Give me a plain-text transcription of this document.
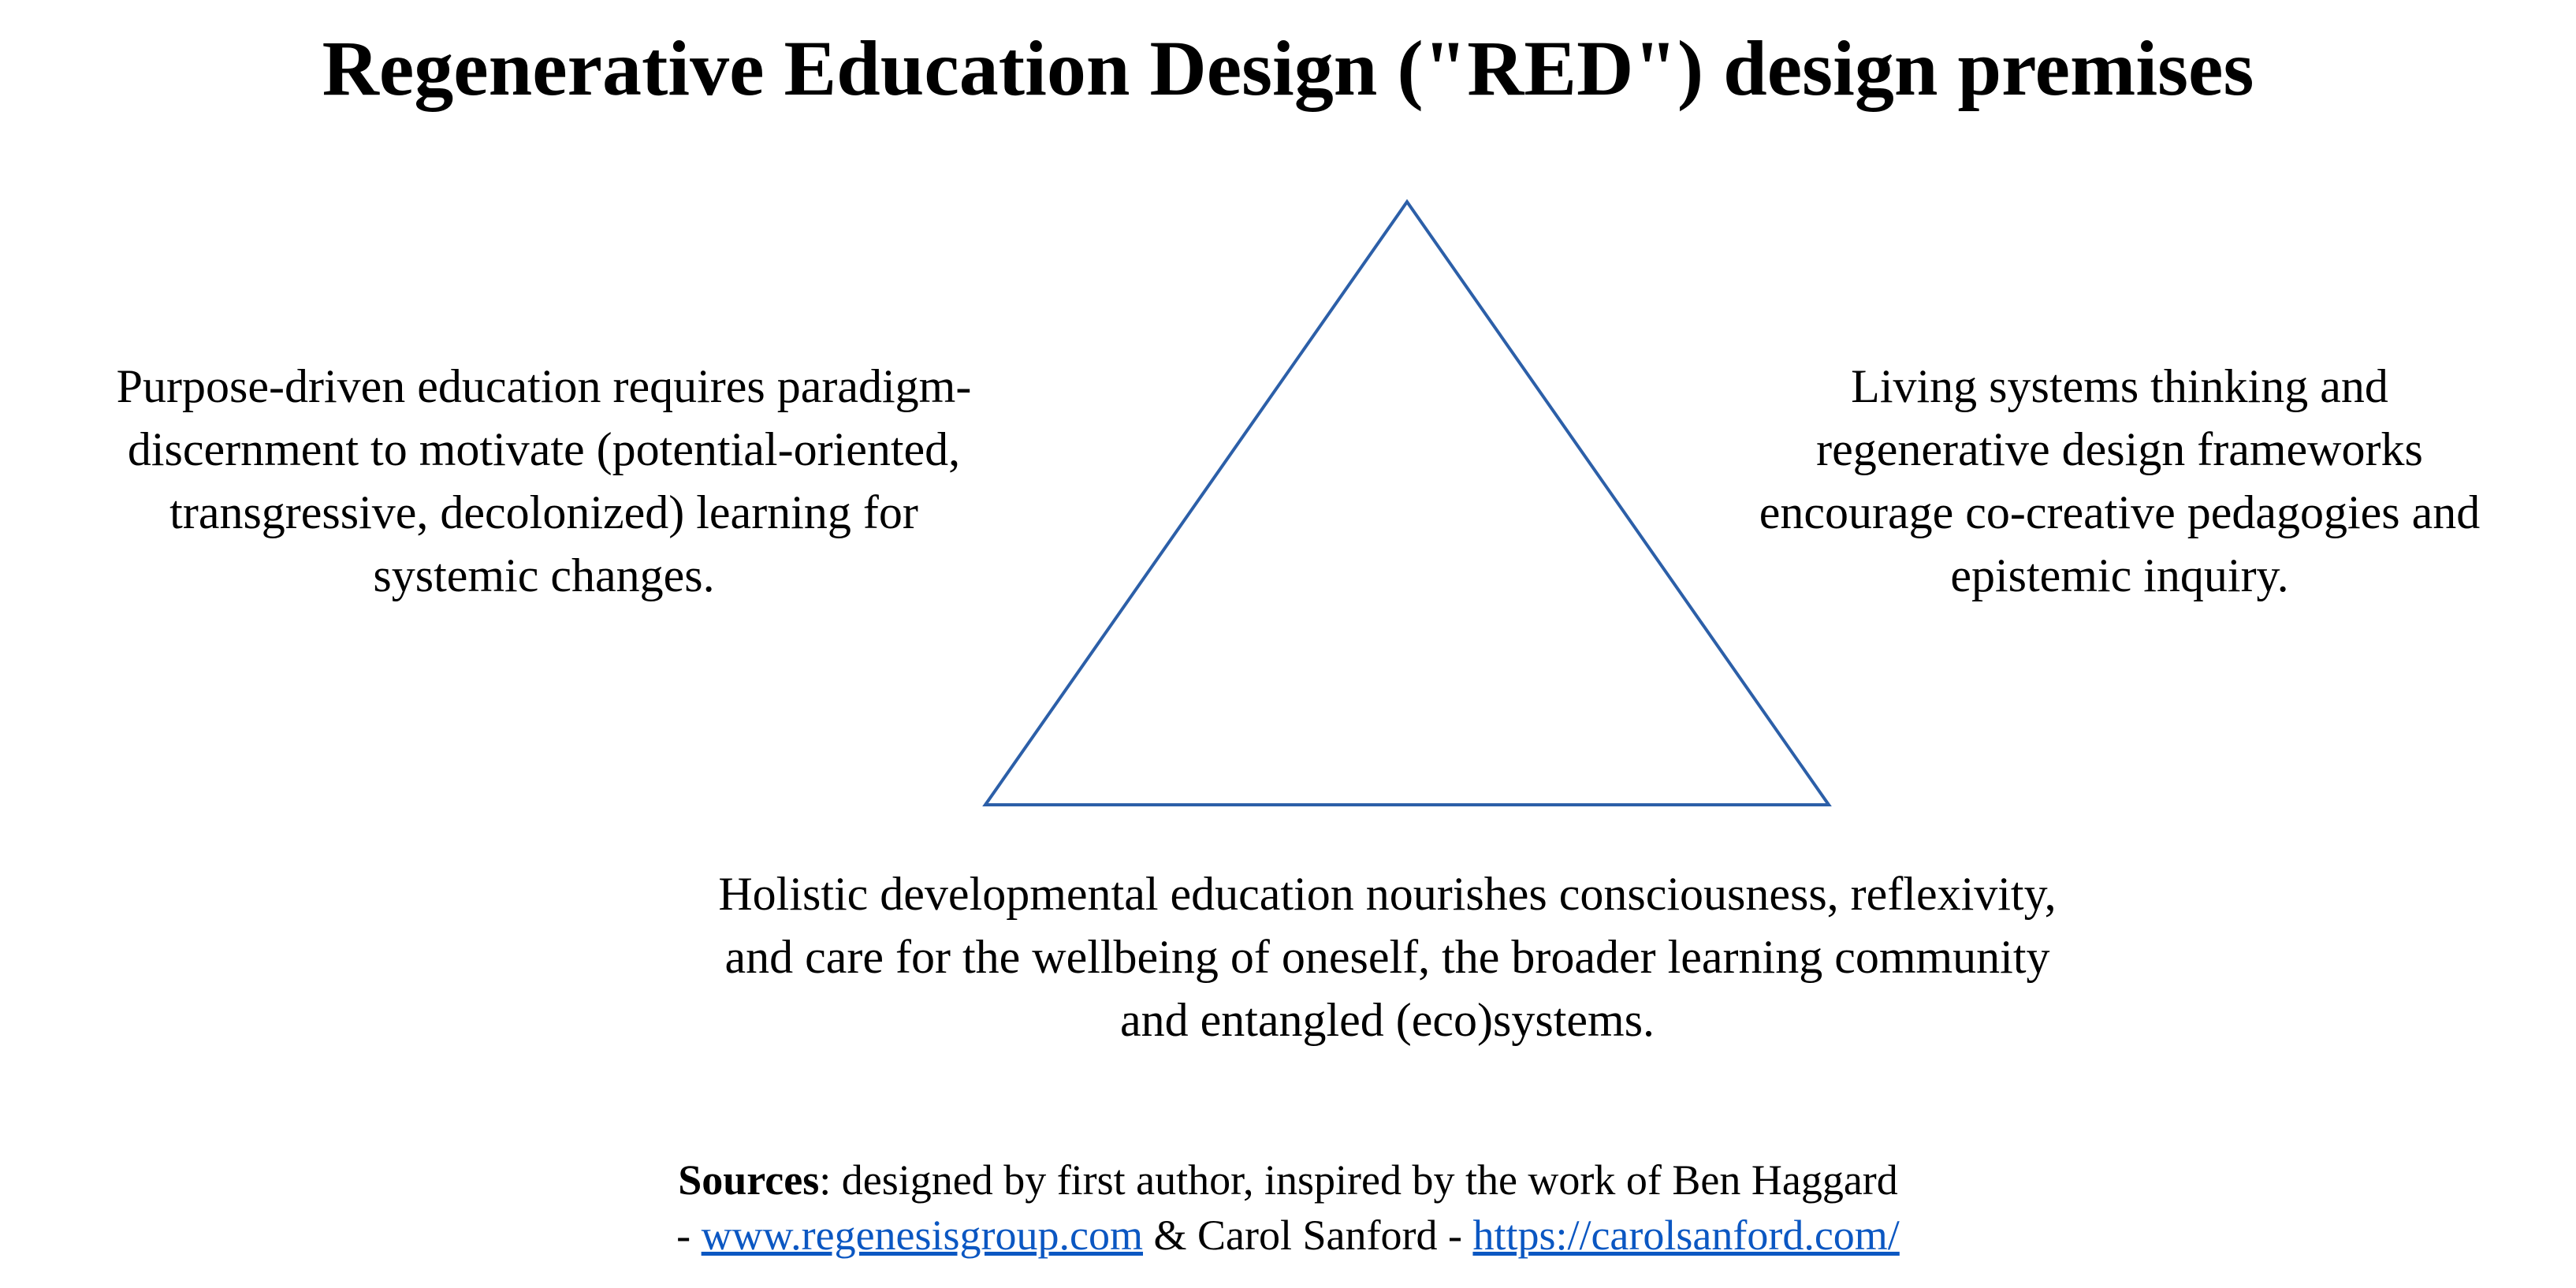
Regenerative Education Design ("RED") design premises
Purpose-driven education requires paradigm-
discernment to motivate (potential-oriented,
transgressive, decolonized) learning for
systemic changes.
Living systems thinking and
regenerative design frameworks
encourage co-creative pedagogies and
epistemic inquiry.
Holistic developmental education nourishes consciousness, reflexivity,
and care for the wellbeing of oneself, the broader learning community
and entangled (eco)systems.
Sources: designed by first author, inspired by the work of Ben Haggard
- www.regenesisgroup.com & Carol Sanford - https://carolsanford.com/
